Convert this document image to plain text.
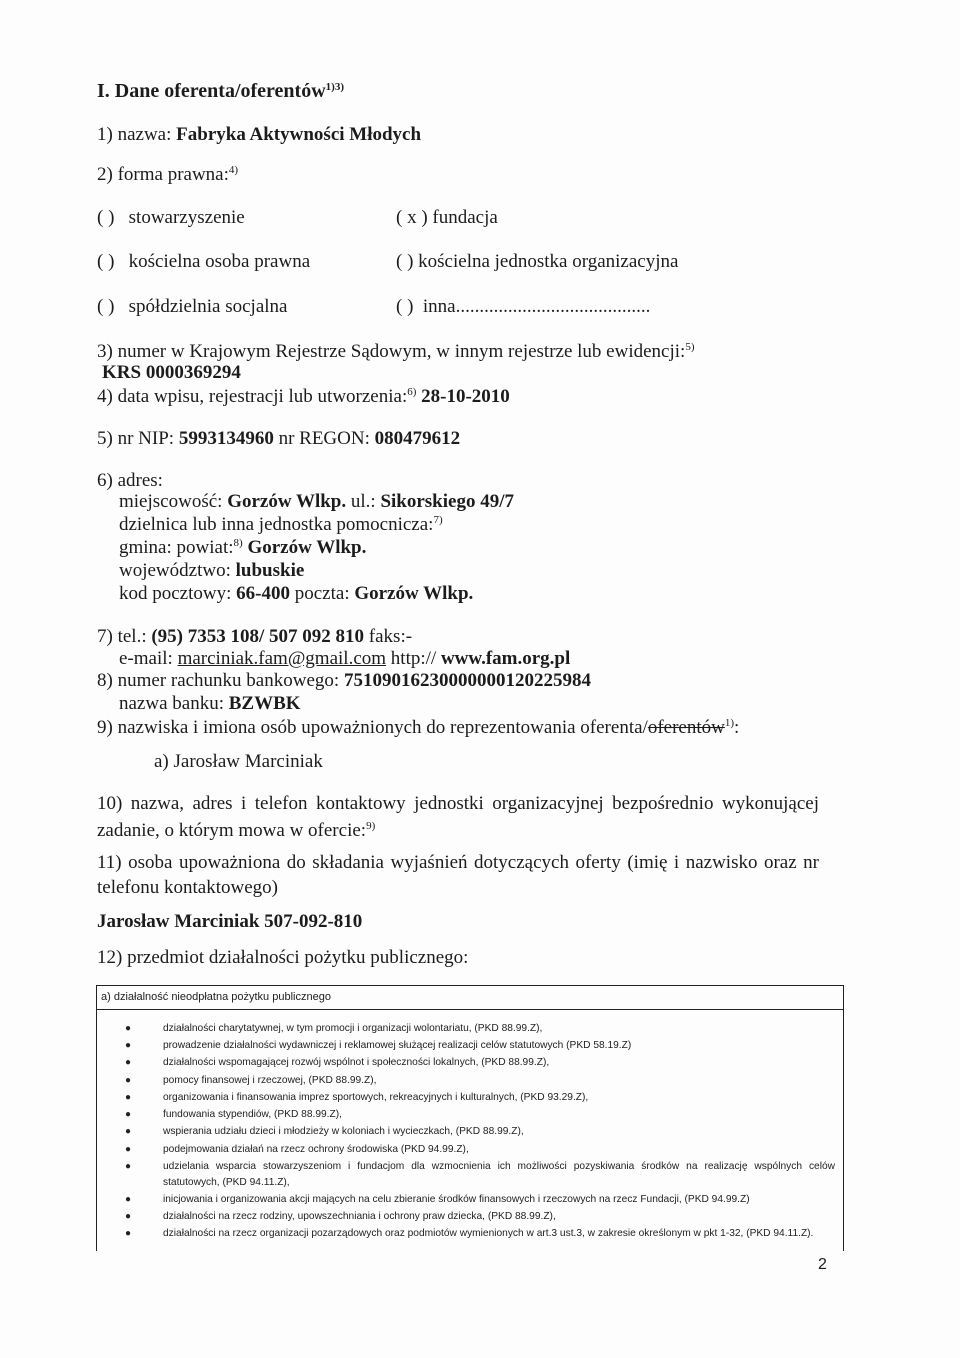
I. Dane oferenta/oferentów$^{1)3)}$
1) nazwa: Fabryka Aktywności Młodych
2) forma prawna:$^{4)}$
( ) stowarzyszenie	( x ) fundacja
( ) kościelna osoba prawna	( ) kościelna jednostka organizacyjna
( ) spółdzielnia socjalna	( ) inna.........................................
3) numer w Krajowym Rejestrze Sądowym, w innym rejestrze lub ewidencji:$^{5)}$
KRS 0000369294
4) data wpisu, rejestracji lub utworzenia:$^{6)}$ 28-10-2010
5) nr NIP: 5993134960 nr REGON: 080479612
6) adres:
miejscowość: Gorzów Wlkp. ul.: Sikorskiego 49/7
dzielnica lub inna jednostka pomocnicza:$^{7)}$
gmina: powiat:$^{8)}$ Gorzów Wlkp.
województwo: lubuskie
kod pocztowy: 66-400 poczta: Gorzów Wlkp.
7) tel.: (95) 7353 108/ 507 092 810 faks:-
e-mail: marciniak.fam@gmail.com http:// www.fam.org.pl
8) numer rachunku bankowego: 75109016230000000120225984
nazwa banku: BZWBK
9) nazwiska i imiona osób upoważnionych do reprezentowania oferenta/oferentów$^{1)}$:
a) Jarosław Marciniak
10) nazwa, adres i telefon kontaktowy jednostki organizacyjnej bezpośrednio wykonującej zadanie, o którym mowa w ofercie:$^{9)}$
11) osoba upoważniona do składania wyjaśnień dotyczących oferty (imię i nazwisko oraz nr telefonu kontaktowego)
Jarosław Marciniak 507-092-810
12) przedmiot działalności pożytku publicznego:
a) działalność nieodpłatna pożytku publicznego
●	działalności charytatywnej, w tym promocji i organizacji wolontariatu, (PKD 88.99.Z),
●	prowadzenie działalności wydawniczej i reklamowej służącej realizacji celów statutowych (PKD 58.19.Z)
●	działalności wspomagającej rozwój wspólnot i społeczności lokalnych, (PKD 88.99.Z),
●	pomocy finansowej i rzeczowej, (PKD 88.99.Z),
●	organizowania i finansowania imprez sportowych, rekreacyjnych i kulturalnych, (PKD 93.29.Z),
●	fundowania stypendiów, (PKD 88.99.Z),
●	wspierania udziału dzieci i młodzieży w koloniach i wycieczkach, (PKD 88.99.Z),
●	podejmowania działań na rzecz ochrony środowiska (PKD 94.99.Z),
●	udzielania wsparcia stowarzyszeniom i fundacjom dla wzmocnienia ich możliwości pozyskiwania środków na realizację wspólnych celów statutowych, (PKD 94.11.Z),
●	inicjowania i organizowania akcji mających na celu zbieranie środków finansowych i rzeczowych na rzecz Fundacji, (PKD 94.99.Z)
●	działalności na rzecz rodziny, upowszechniania i ochrony praw dziecka, (PKD 88.99.Z),
●	działalności na rzecz organizacji pozarządowych oraz podmiotów wymienionych w art.3 ust.3, w zakresie określonym w pkt 1-32, (PKD 94.11.Z).
2
